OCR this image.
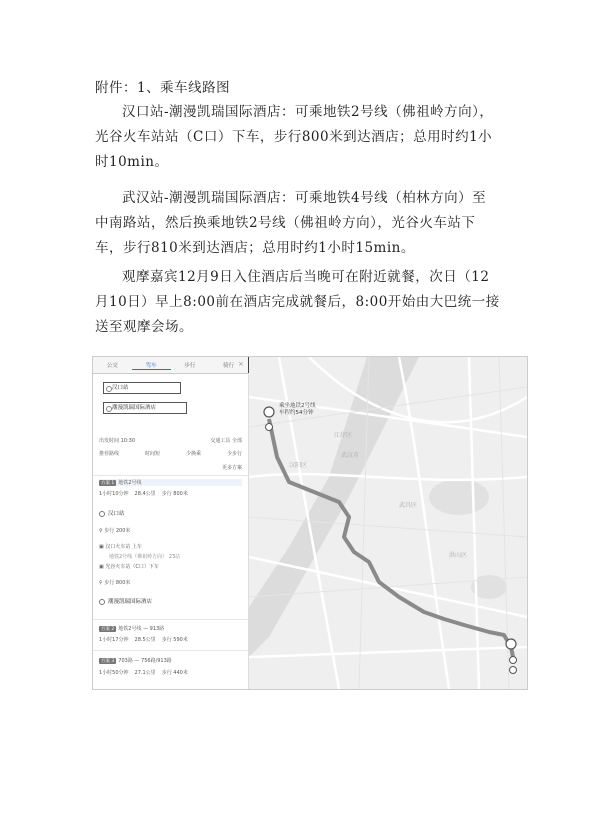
附件：1、乘车线路图
汉口站-潮漫凯瑞国际酒店：可乘地铁2号线（佛祖岭方向），
光谷火车站站（C口）下车，步行800米到达酒店；总用时约1小
时10min。
武汉站-潮漫凯瑞国际酒店：可乘地铁4号线（柏林方向）至
中南路站，然后换乘地铁2号线（佛祖岭方向），光谷火车站下
车，步行810米到达酒店；总用时约1小时15min。
观摩嘉宾12月9日入住酒店后当晚可在附近就餐，次日（12
月10日）早上8:00前在酒店完成就餐后，8:00开始由大巴统一接
送至观摩会场。
公交	驾车	步行	骑行 ×
汉口站
潮漫凯瑞国际酒店
出发时间 10:30	交通工具 全部
推荐路线	时间短	少换乘	少步行
更多方案
方案 1 地铁2号线
1小时10分钟 28.4公里 步行 800米
汉口站
⚲ 步行 200米
▣ 汉口火车站 上车
地铁2号线（佛祖岭方向） 23站
▣ 光谷火车站（C口）下车
⚲ 步行 800米
潮漫凯瑞国际酒店
方案 2 地铁2号线 — 913路
1小时17分钟 28.5公里 步行 590米
方案 3 703路 — 756路/913路
1小时50分钟 27.1公里 步行 440米
乘坐地铁2号线
车程约54分钟
江岸区
武汉市
汉阳区
武昌区
洪山区
